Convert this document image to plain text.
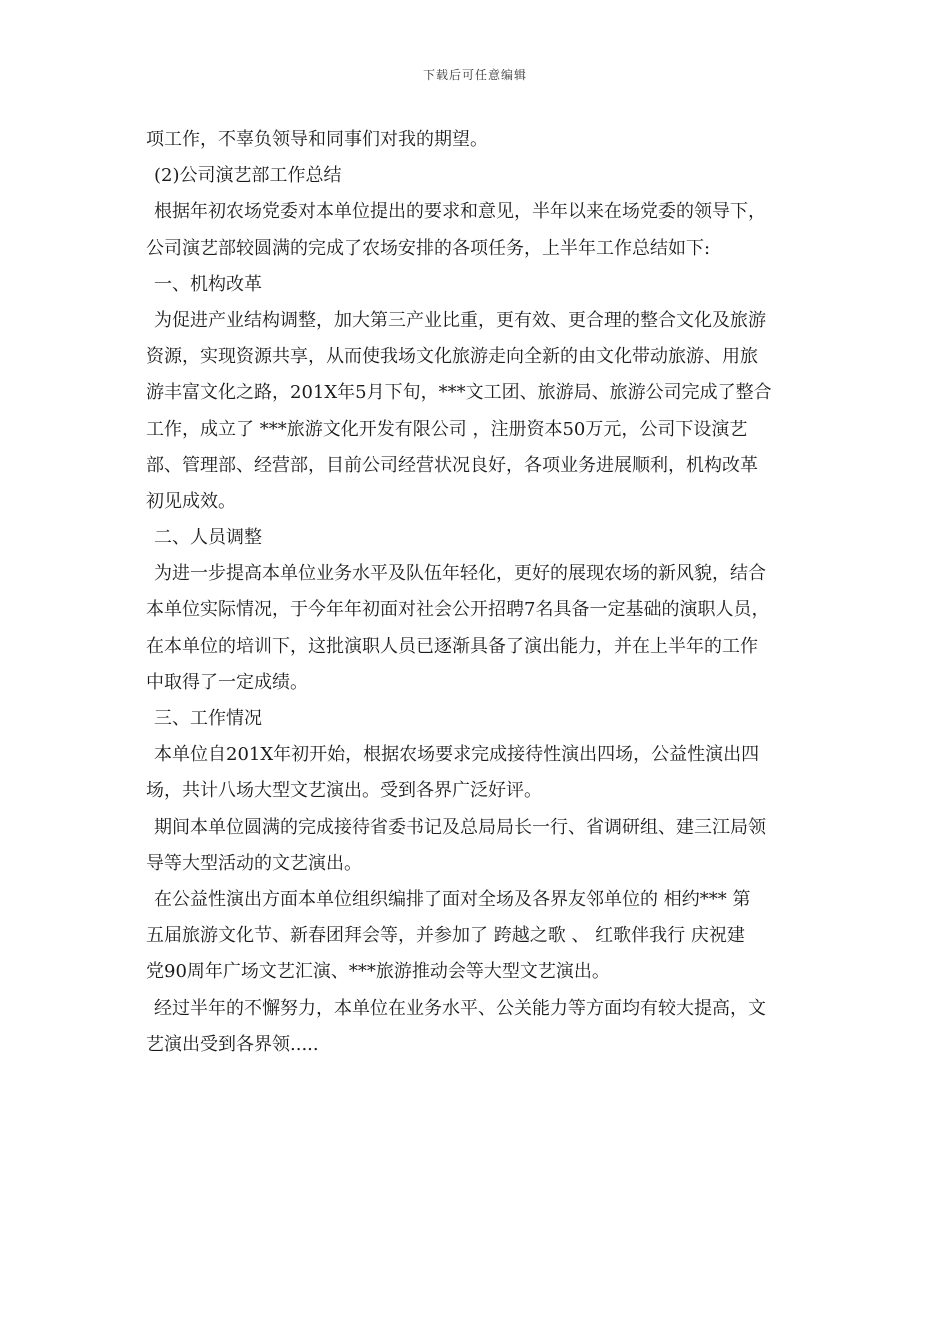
下载后可任意编辑
项工作，不辜负领导和同事们对我的期望。
(2)公司演艺部工作总结
根据年初农场党委对本单位提出的要求和意见，半年以来在场党委的领导下，
公司演艺部较圆满的完成了农场安排的各项任务，上半年工作总结如下:
一、机构改革
为促进产业结构调整，加大第三产业比重，更有效、更合理的整合文化及旅游
资源，实现资源共享，从而使我场文化旅游走向全新的由文化带动旅游、用旅
游丰富文化之路，201X年5月下旬，***文工团、旅游局、旅游公司完成了整合
工作，成立了 ***旅游文化开发有限公司 ，注册资本50万元，公司下设演艺
部、管理部、经营部，目前公司经营状况良好，各项业务进展顺利，机构改革
初见成效。
二、人员调整
为进一步提高本单位业务水平及队伍年轻化，更好的展现农场的新风貌，结合
本单位实际情况，于今年年初面对社会公开招聘7名具备一定基础的演职人员，
在本单位的培训下，这批演职人员已逐渐具备了演出能力，并在上半年的工作
中取得了一定成绩。
三、工作情况
本单位自201X年初开始，根据农场要求完成接待性演出四场，公益性演出四
场，共计八场大型文艺演出。受到各界广泛好评。
期间本单位圆满的完成接待省委书记及总局局长一行、省调研组、建三江局领
导等大型活动的文艺演出。
在公益性演出方面本单位组织编排了面对全场及各界友邻单位的 相约*** 第
五届旅游文化节、新春团拜会等，并参加了 跨越之歌 、 红歌伴我行 庆祝建
党90周年广场文艺汇演、***旅游推动会等大型文艺演出。
经过半年的不懈努力，本单位在业务水平、公关能力等方面均有较大提高，文
艺演出受到各界领.....
